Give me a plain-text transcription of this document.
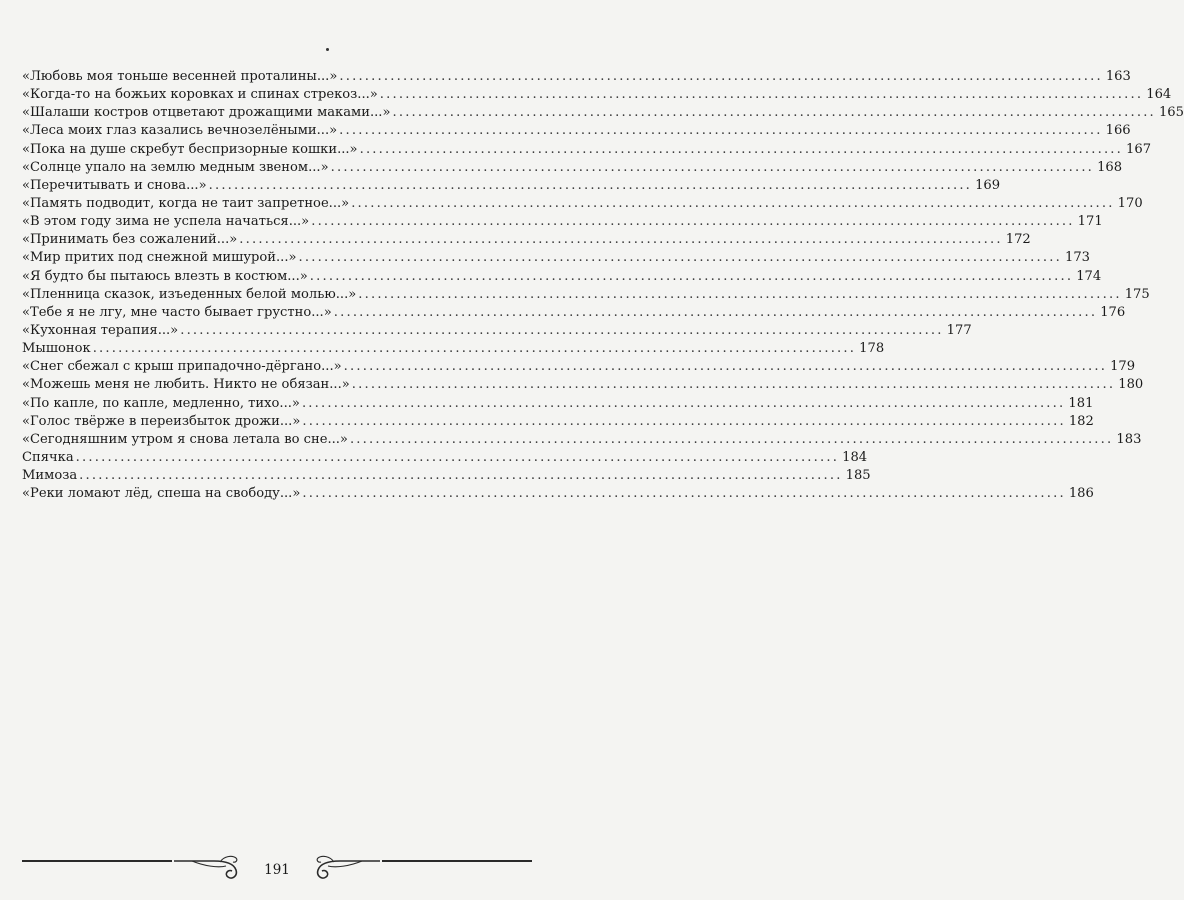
«Любовь моя тоньше весенней проталины...» ........................................................................................................................ 163
«Когда-то на божьих коровках и спинах стрекоз...» ........................................................................................................................ 164
«Шалаши костров отцветают дрожащими маками...» ........................................................................................................................ 165
«Леса моих глаз казались вечнозелёными...» ........................................................................................................................ 166
«Пока на душе скребут беспризорные кошки...» ........................................................................................................................ 167
«Солнце упало на землю медным звеном...» ........................................................................................................................ 168
«Перечитывать и снова...» ........................................................................................................................ 169
«Память подводит, когда не таит запретное...» ........................................................................................................................ 170
«В этом году зима не успела начаться...» ........................................................................................................................ 171
«Принимать без сожалений...» ........................................................................................................................ 172
«Мир притих под снежной мишурой...» ........................................................................................................................ 173
«Я будто бы пытаюсь влезть в костюм...» ........................................................................................................................ 174
«Пленница сказок, изъеденных белой молью...» ........................................................................................................................ 175
«Тебе я не лгу, мне часто бывает грустно...» ........................................................................................................................ 176
«Кухонная терапия...» ........................................................................................................................ 177
Мышонок ........................................................................................................................ 178
«Снег сбежал с крыш припадочно-дёргано...» ........................................................................................................................ 179
«Можешь меня не любить. Никто не обязан...» ........................................................................................................................ 180
«По капле, по капле, медленно, тихо...» ........................................................................................................................ 181
«Голос твёрже в переизбыток дрожи...» ........................................................................................................................ 182
«Сегодняшним утром я снова летала во сне...» ........................................................................................................................ 183
Спячка ........................................................................................................................ 184
Мимоза ........................................................................................................................ 185
«Реки ломают лёд, спеша на свободу...» ........................................................................................................................ 186
191
